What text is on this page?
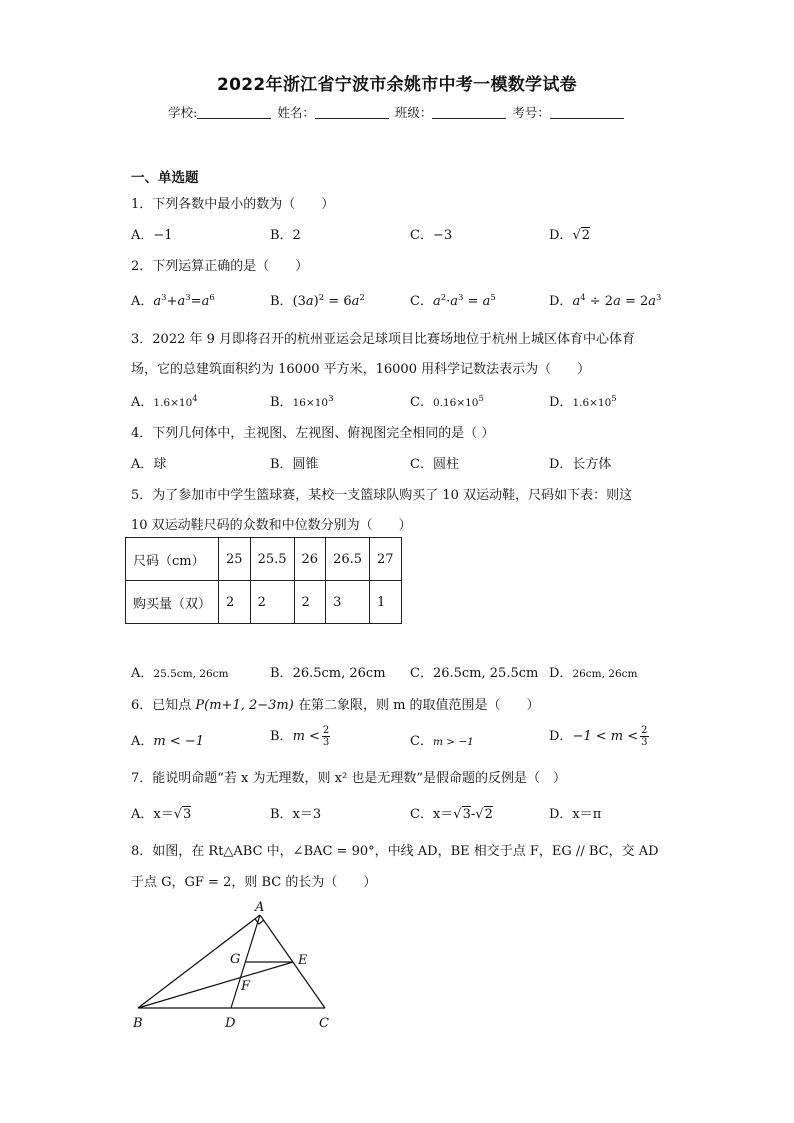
2022年浙江省宁波市余姚市中考一模数学试卷
学校:	姓名：	班级：	考号：
一、单选题
1．下列各数中最小的数为（　　）
A．−1	B．2	C．−3	D．√2
2．下列运算正确的是（　　）
A．$a^3+a^3=a^6$	B．$(3a)^2 = 6a^2$	C．$a^2\cdot a^3 = a^5$	D．$a^4 \div 2a = 2a^3$
3．2022 年 9 月即将召开的杭州亚运会足球项目比赛场地位于杭州上城区体育中心体育
场，它的总建筑面积约为 16000 平方米，16000 用科学记数法表示为（　　）
A．$1.6\times 10^4$	B．$16\times 10^3$	C．$0.16\times 10^5$	D．$1.6\times 10^5$
4．下列几何体中，主视图、左视图、俯视图完全相同的是（ ）
A．球	B．圆锥	C．圆柱	D．长方体
5．为了参加市中学生篮球赛，某校一支篮球队购买了 10 双运动鞋，尺码如下表：则这
10 双运动鞋尺码的众数和中位数分别为（　　）
尺码（cm）	25	25.5	26	26.5	27
购买量（双）	2	2	2	3	1
A．25.5cm, 26cm	B．26.5cm, 26cm C．26.5cm, 25.5cm D．26cm, 26cm
6．已知点 P(m+1, 2−3m) 在第二象限，则 m 的取值范围是（　　）
A．m < −1	B．$m < \frac{2}{3}$	C．m > −1	D．$-1 < m < \frac{2}{3}$
7．能说明命题“若 x 为无理数，则 x² 也是无理数”是假命题的反例是（　）
A．x＝√3	B．x＝3	C．x＝√3-√2	D．x＝π
8．如图，在 Rt△ABC 中，∠BAC = 90°，中线 AD，BE 相交于点 F，EG // BC，交 AD
于点 G，GF = 2，则 BC 的长为（　　）
A
B	C
D
E
F
G
